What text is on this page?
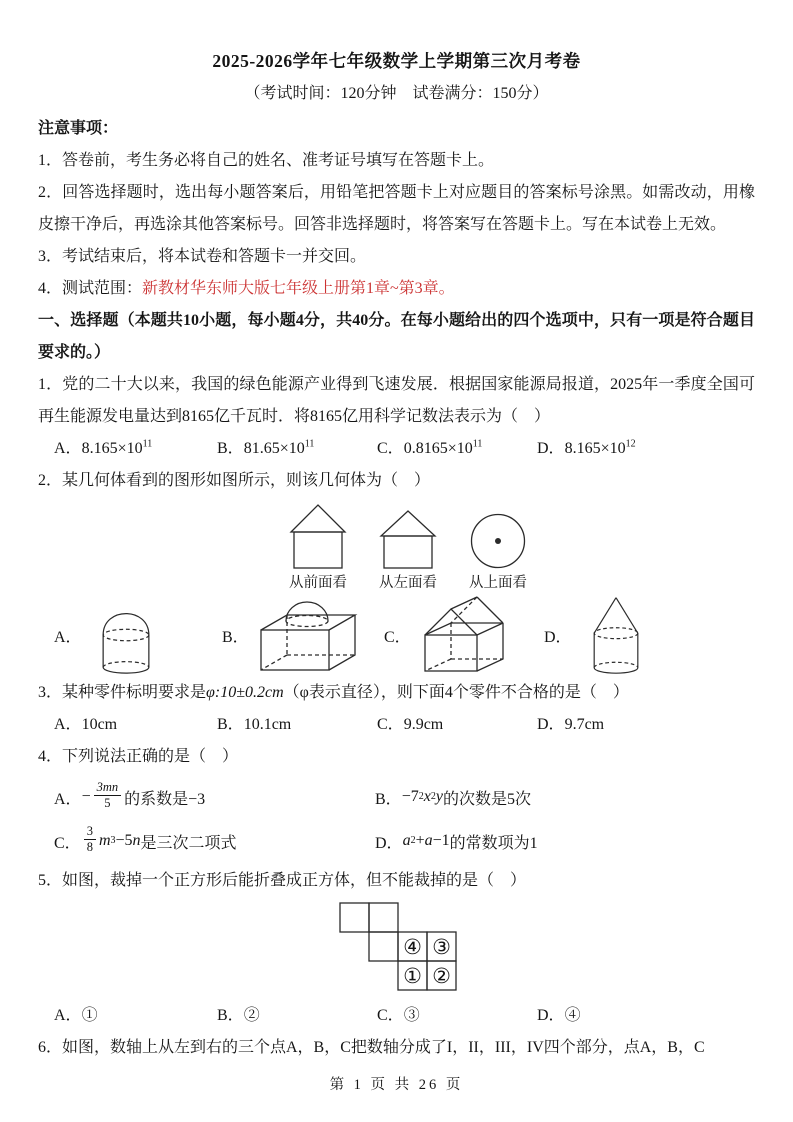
2025-2026学年七年级数学上学期第三次月考卷

（考试时间：120分钟　试卷满分：150分）

注意事项：

1．答卷前，考生务必将自己的姓名、准考证号填写在答题卡上。

2．回答选择题时，选出每小题答案后，用铅笔把答题卡上对应题目的答案标号涂黑。如需改动，用橡皮擦干净后，再选涂其他答案标号。回答非选择题时，将答案写在答题卡上。写在本试卷上无效。

3．考试结束后，将本试卷和答题卡一并交回。

4．测试范围：新教材华东师大版七年级上册第1章~第3章。

一、选择题（本题共10小题，每小题4分，共40分。在每小题给出的四个选项中，只有一项是符合题目要求的。）

1．党的二十大以来，我国的绿色能源产业得到飞速发展．根据国家能源局报道，2025年一季度全国可再生能源发电量达到8165亿千瓦时．将8165亿用科学记数法表示为（　）

A．$8.165\times 10^{11}$	B．$81.65\times 10^{11}$	C．$0.8165\times 10^{11}$	D．$8.165\times 10^{12}$

2．某几何体看到的图形如图所示，则该几何体为（　）

从前面看 从左面看 从上面看
A．	B．	C．	D．

3．某种零件标明要求是φ:10±0.2cm（φ表示直径），则下面4个零件不合格的是（　）

A．10cm	B．10.1cm	C．9.9cm	D．9.7cm

4．下列说法正确的是（　）

A． − $\frac{3mn}{5}$ 的系数是−3	B． −7 2 x 2 y 的次数是5次
C． $\frac{3}{8}$ m 3 −5 n 是三次二项式	D． a 2 + a −1 的常数项为1

5．如图，裁掉一个正方形后能折叠成正方体，但不能裁掉的是（　）

④ ③
① ②
A．①	B．②	C．③	D．④

6．如图，数轴上从左到右的三个点A，B，C把数轴分成了I，II，III，IV四个部分，点A，B，C

第 1 页 共 26 页
